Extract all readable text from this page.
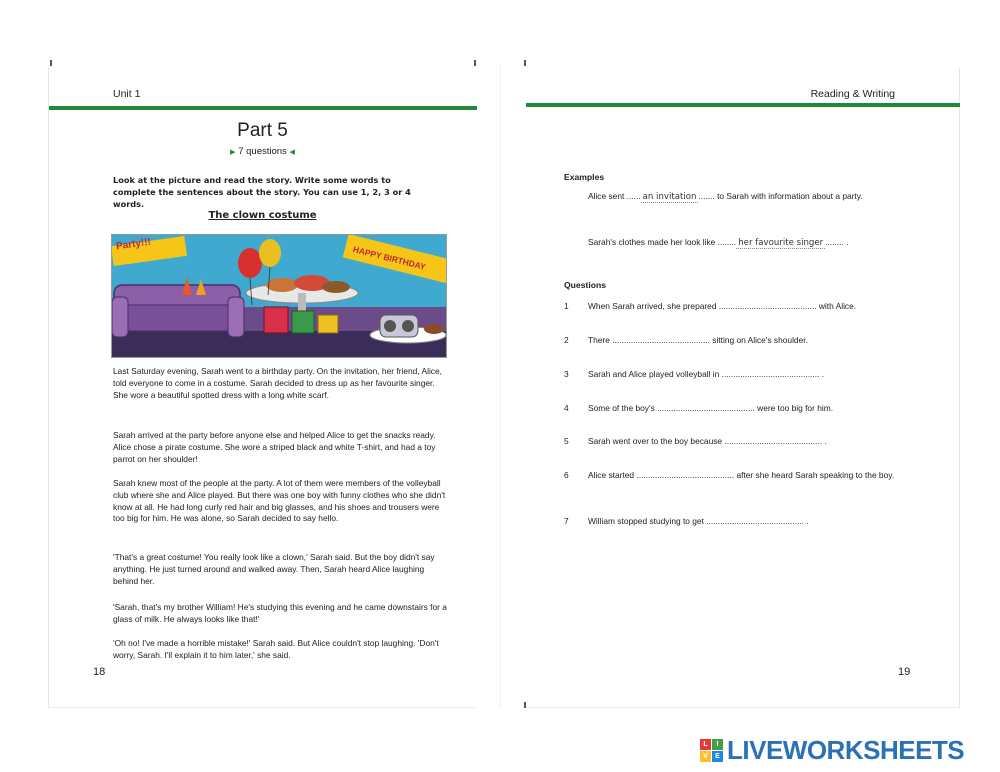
Unit 1
Part 5
▶ 7 questions ◀
Look at the picture and read the story. Write some words to complete the sentences about the story. You can use 1, 2, 3 or 4 words.
The clown costume
Party!!!	HAPPY BIRTHDAY
Last Saturday evening, Sarah went to a birthday party. On the invitation, her friend, Alice, told everyone to come in a costume. Sarah decided to dress up as her favourite singer. She wore a beautiful spotted dress with a long white scarf.
Sarah arrived at the party before anyone else and helped Alice to get the snacks ready. Alice chose a pirate costume. She wore a striped black and white T-shirt, and had a toy parrot on her shoulder!
Sarah knew most of the people at the party. A lot of them were members of the volleyball club where she and Alice played. But there was one boy with funny clothes who she didn't know at all. He had long curly red hair and big glasses, and his shoes and trousers were too big for him. He was alone, so Sarah decided to say hello.
'That's a great costume! You really look like a clown,' Sarah said. But the boy didn't say anything. He just turned around and walked away. Then, Sarah heard Alice laughing behind her.
'Sarah, that's my brother William! He's studying this evening and he came downstairs for a glass of milk. He always looks like that!'
'Oh no! I've made a horrible mistake!' Sarah said. But Alice couldn't stop laughing. 'Don't worry, Sarah. I'll explain it to him later,' she said.
18
Reading & Writing
Examples
Alice sent ...... an invitation ....... to Sarah with information about a party.
Sarah's clothes made her look like ........ her favourite singer ........ .
Questions
1	When Sarah arrived, she prepared .......................................... with Alice.
2	There .......................................... sitting on Alice's shoulder.
3	Sarah and Alice played volleyball in .......................................... .
4	Some of the boy's .......................................... were too big for him.
5	Sarah went over to the boy because .......................................... .
6	Alice started .......................................... after she heard Sarah speaking to the boy.
7	William stopped studying to get .......................................... .
19
L	I
V	E LIVEWORKSHEETS
